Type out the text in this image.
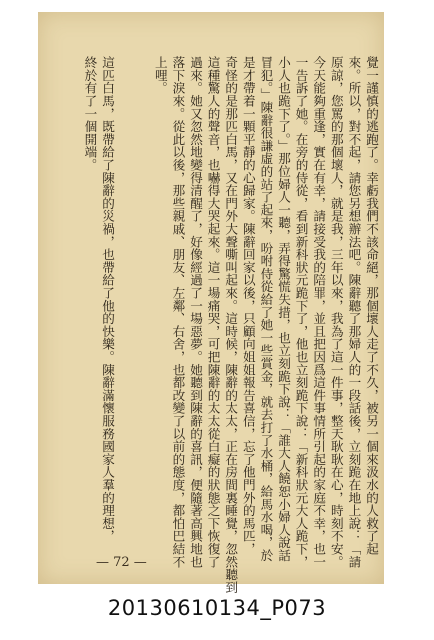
覺一謹慎的逃跑了。幸虧我們不該命絕，那個壞人走了不久，被另一個來汲水的人救了起
來。所以，對不起，請您另想辦法吧。陳辭聽了那婦人的一段話後，立刻跪在地上說：「請
原諒，您罵的那個壞人，就是我，三年以來，我為了這一件事，整天耿耿在心，時刻不安。
今天能夠重逢，實在有幸，請接受我的陪罪，並且把因爲這件事情所引起的家庭不幸，也一
一告訴了她。在旁的侍從，看到新科狀元跪下了，他也立刻跪下說：「新科狀元大人跪下，
小人也跪下了。」那位婦人一聽，弄得驚慌失措，也立刻跪下說：「誰大人饒恕小婦人說話
冒犯。」陳辭很謙虛的站了起來，吩咐侍從給了她一些賞金，就去打了水桶，給馬水喝，於
是才帶着一顆平靜的心歸家。陳辭回家以後，只顧向姐姐報告喜信，忘了他門外的馬匹，
奇怪的是那匹白馬，又在門外大聲嘶叫起來。這時候，陳辭的太太，正在房間裏睡覺，忽然聽到
這種驚人的聲音，也嚇得大哭起來。這一場痛哭，可把陳辭的太太從白癡的狀態之下恢復了
過來。她又忽然地變得清醒了，好像經過了一場惡夢。她聽到陳辭的喜訊，便隨著高興地也
落下淚來。從此以後，那些親戚、朋友、左鄰、右舍，也都改變了以前的態度，都怕巴結不
上哩。
這匹白馬，既帶給了陳辭的災禍，也帶給了他的快樂。陳辭滿懷服務國家人羣的理想，
終於有了一個開端。
— 72 —
20130610134_P073
